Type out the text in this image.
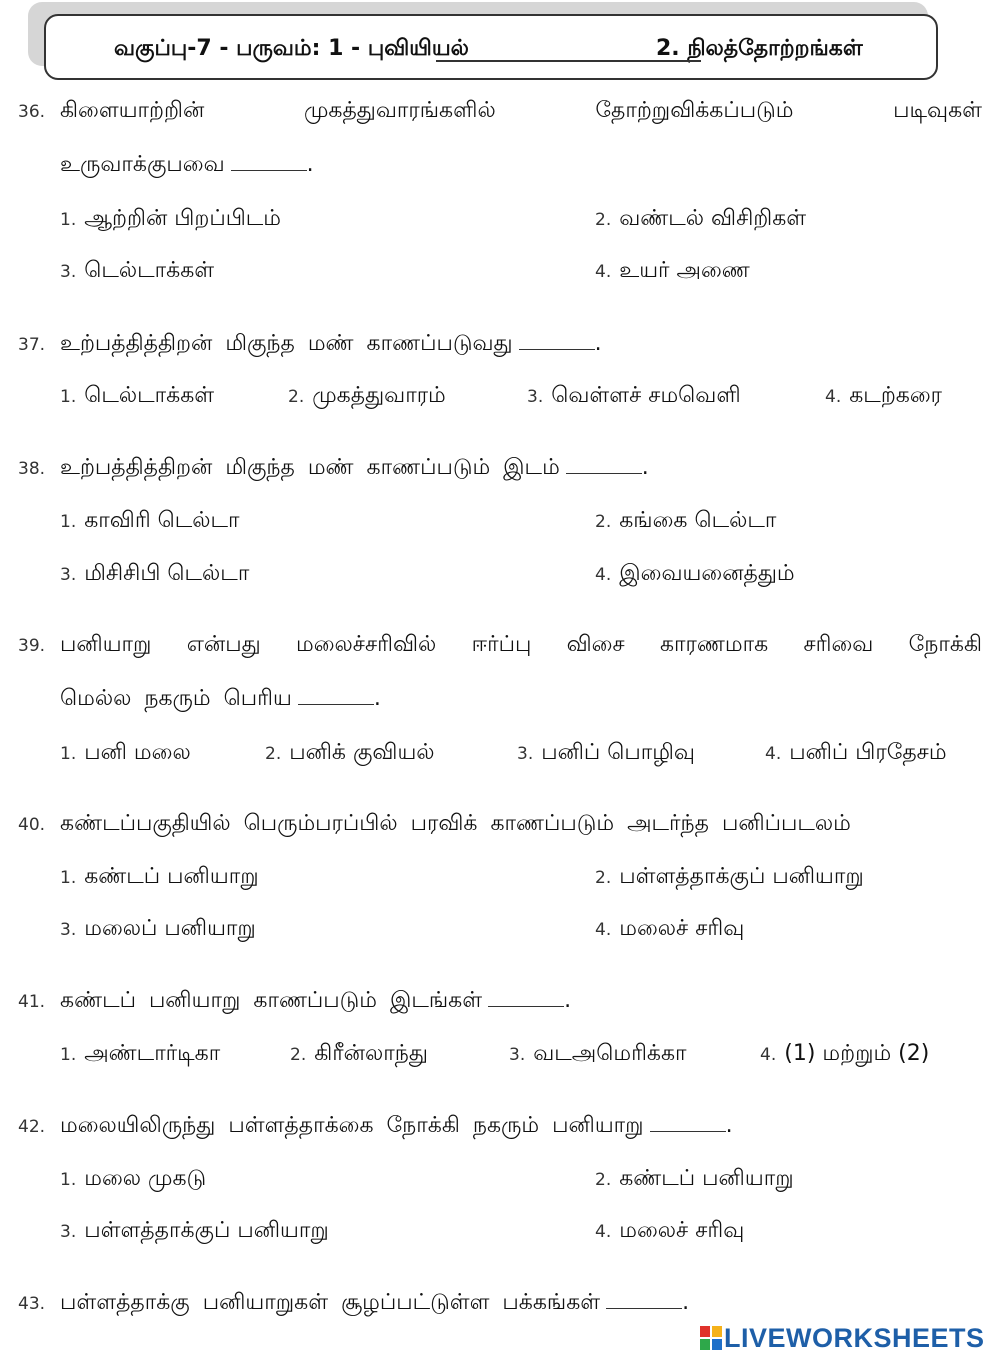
வகுப்பு-7 - பருவம்: 1 - புவியியல்	2. நிலத்தோற்றங்கள்
36. கிளையாற்றின் முகத்துவாரங்களில் தோற்றுவிக்கப்படும் படிவுகள்
உருவாக்குபவை	.
1. ஆற்றின் பிறப்பிடம்	2. வண்டல் விசிறிகள்
3. டெல்டாக்கள்	4. உயர் அணை
37. உற்பத்தித்திறன் மிகுந்த மண் காணப்படுவது	.
1. டெல்டாக்கள்	2. முகத்துவாரம்	3. வெள்ளச் சமவெளி	4. கடற்கரை
38. உற்பத்தித்திறன் மிகுந்த மண் காணப்படும் இடம்	.
1. காவிரி டெல்டா	2. கங்கை டெல்டா
3. மிசிசிபி டெல்டா	4. இவையனைத்தும்
39. பனியாறு என்பது மலைச்சரிவில் ஈர்ப்பு விசை காரணமாக சரிவை நோக்கி
மெல்ல நகரும் பெரிய	.
1. பனி மலை	2. பனிக் குவியல்	3. பனிப் பொழிவு	4. பனிப் பிரதேசம்
40. கண்டப்பகுதியில் பெரும்பரப்பில் பரவிக் காணப்படும் அடர்ந்த பனிப்படலம்
1. கண்டப் பனியாறு	2. பள்ளத்தாக்குப் பனியாறு
3. மலைப் பனியாறு	4. மலைச் சரிவு
41. கண்டப் பனியாறு காணப்படும் இடங்கள்	.
1. அண்டார்டிகா	2. கிரீன்லாந்து	3. வடஅமெரிக்கா	4. (1) மற்றும் (2)
42. மலையிலிருந்து பள்ளத்தாக்கை நோக்கி நகரும் பனியாறு	.
1. மலை முகடு	2. கண்டப் பனியாறு
3. பள்ளத்தாக்குப் பனியாறு	4. மலைச் சரிவு
43. பள்ளத்தாக்கு பனியாறுகள் சூழப்பட்டுள்ள பக்கங்கள்	.
LIVEWORKSHEETS
